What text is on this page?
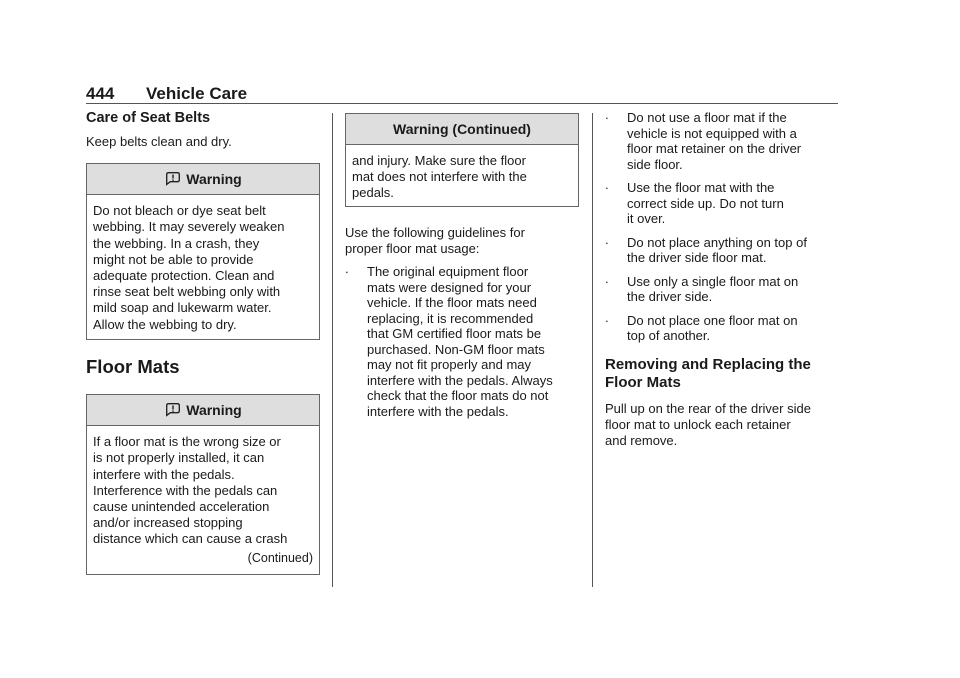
444 Vehicle Care
Care of Seat Belts
Keep belts clean and dry.
Warning
Do not bleach or dye seat belt
webbing. It may severely weaken
the webbing. In a crash, they
might not be able to provide
adequate protection. Clean and
rinse seat belt webbing only with
mild soap and lukewarm water.
Allow the webbing to dry.
Floor Mats
Warning
If a floor mat is the wrong size or
is not properly installed, it can
interfere with the pedals.
Interference with the pedals can
cause unintended acceleration
and/or increased stopping
distance which can cause a crash
(Continued)
Warning (Continued)
and injury. Make sure the floor
mat does not interfere with the
pedals.
Use the following guidelines for
proper floor mat usage:
∙	The original equipment floor
mats were designed for your
vehicle. If the floor mats need
replacing, it is recommended
that GM certified floor mats be
purchased. Non-GM floor mats
may not fit properly and may
interfere with the pedals. Always
check that the floor mats do not
interfere with the pedals.
∙	Do not use a floor mat if the
vehicle is not equipped with a
floor mat retainer on the driver
side floor.
∙	Use the floor mat with the
correct side up. Do not turn
it over.
∙	Do not place anything on top of
the driver side floor mat.
∙	Use only a single floor mat on
the driver side.
∙	Do not place one floor mat on
top of another.
Removing and Replacing the
Floor Mats
Pull up on the rear of the driver side
floor mat to unlock each retainer
and remove.
